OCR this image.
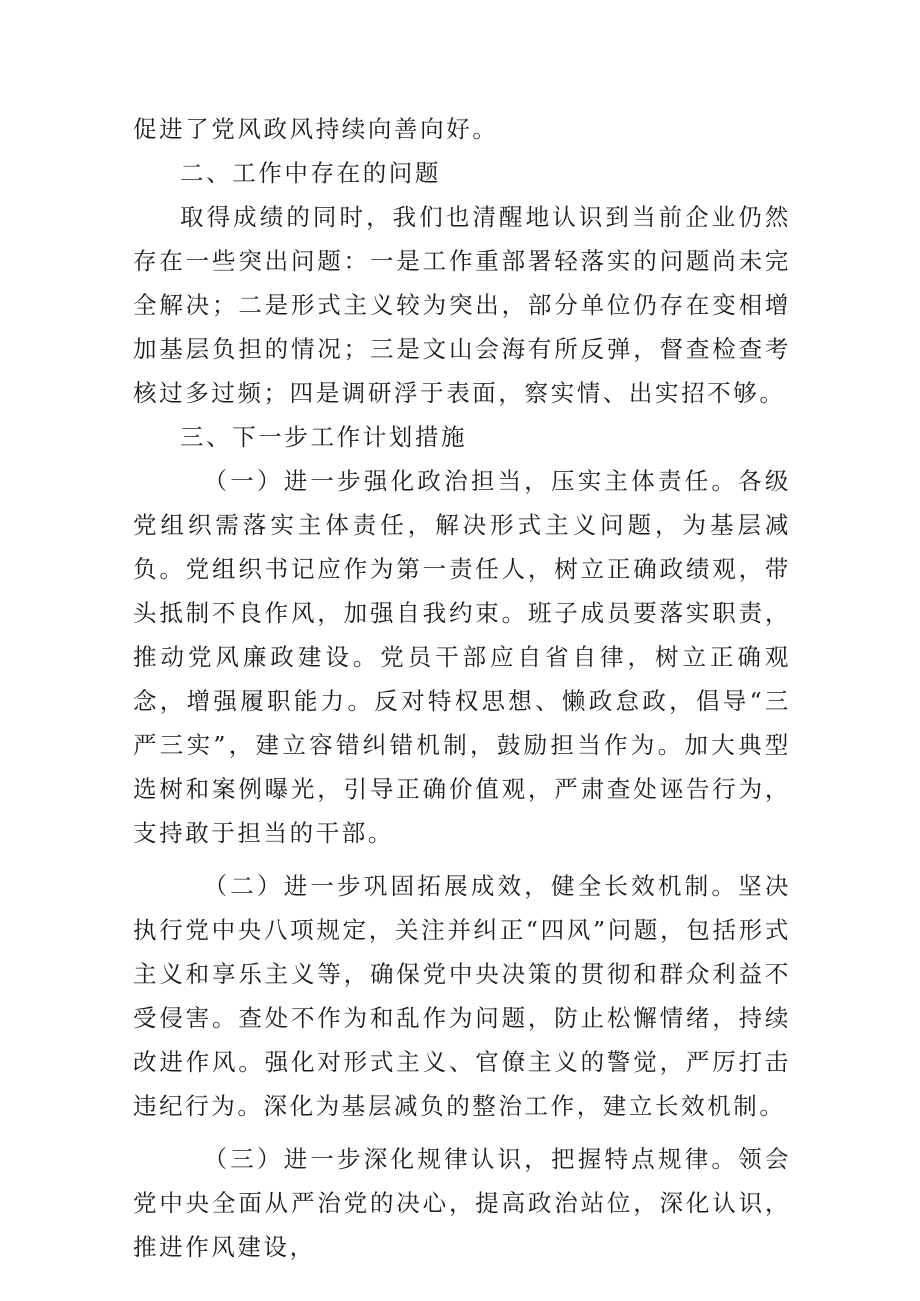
促进了党风政风持续向善向好。

二、工作中存在的问题

取得成绩的同时，我们也清醒地认识到当前企业仍然存在一些突出问题：一是工作重部署轻落实的问题尚未完全解决；二是形式主义较为突出，部分单位仍存在变相增加基层负担的情况；三是文山会海有所反弹，督查检查考核过多过频；四是调研浮于表面，察实情、出实招不够。

三、下一步工作计划措施

（一）进一步强化政治担当，压实主体责任。各级党组织需落实主体责任，解决形式主义问题，为基层减负。党组织书记应作为第一责任人，树立正确政绩观，带头抵制不良作风，加强自我约束。班子成员要落实职责，推动党风廉政建设。党员干部应自省自律，树立正确观念，增强履职能力。反对特权思想、懒政怠政，倡导“三严三实”，建立容错纠错机制，鼓励担当作为。加大典型选树和案例曝光，引导正确价值观，严肃查处诬告行为，支持敢于担当的干部。

（二）进一步巩固拓展成效，健全长效机制。坚决执行党中央八项规定，关注并纠正“四风”问题，包括形式主义和享乐主义等，确保党中央决策的贯彻和群众利益不受侵害。查处不作为和乱作为问题，防止松懈情绪，持续改进作风。强化对形式主义、官僚主义的警觉，严厉打击违纪行为。深化为基层减负的整治工作，建立长效机制。

（三）进一步深化规律认识，把握特点规律。领会党中央全面从严治党的决心，提高政治站位，深化认识，推进作风建设，
